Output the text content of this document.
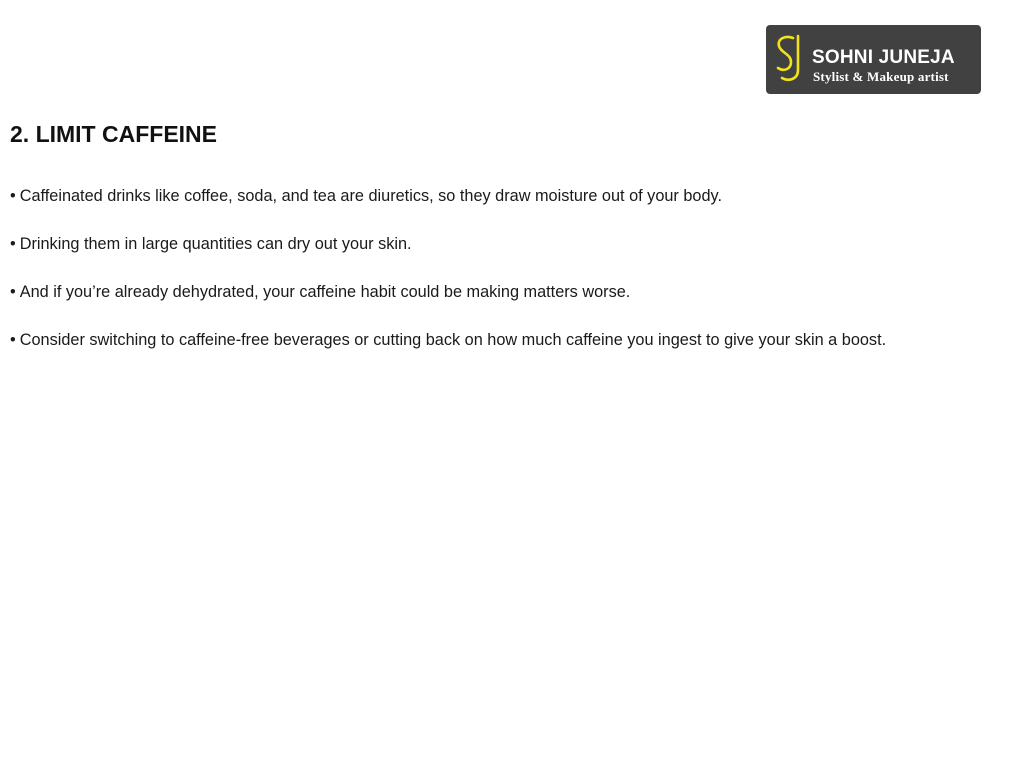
SOHNI JUNEJA
Stylist & Makeup artist
2. LIMIT CAFFEINE
• Caffeinated drinks like coffee, soda, and tea are diuretics, so they draw moisture out of your body.
• Drinking them in large quantities can dry out your skin.
• And if you’re already dehydrated, your caffeine habit could be making matters worse.
• Consider switching to caffeine-free beverages or cutting back on how much caffeine you ingest to give your skin a boost.
